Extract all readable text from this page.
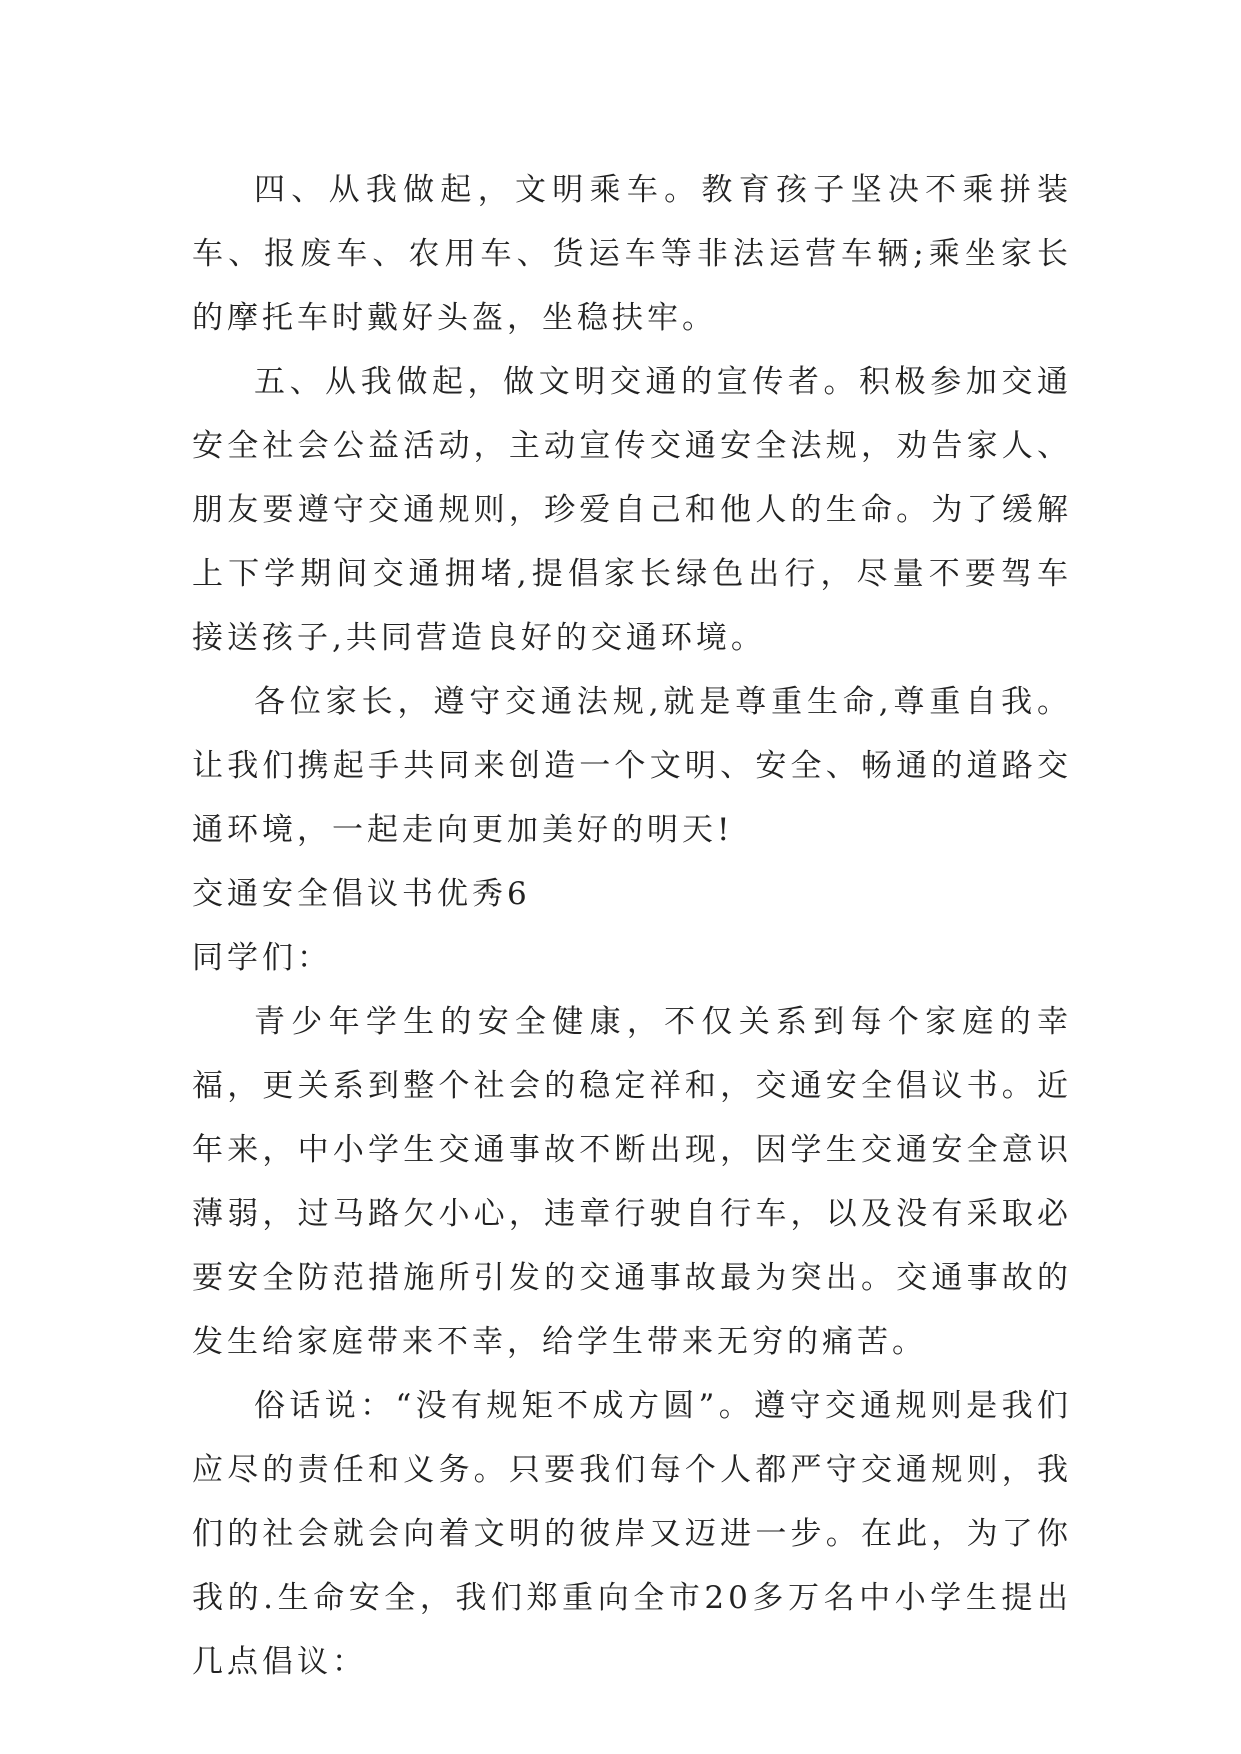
四、从我做起，文明乘车。教育孩子坚决不乘拼装车、报废车、农用车、货运车等非法运营车辆;乘坐家长的摩托车时戴好头盔，坐稳扶牢。

五、从我做起，做文明交通的宣传者。积极参加交通安全社会公益活动，主动宣传交通安全法规，劝告家人、朋友要遵守交通规则，珍爱自己和他人的生命。为了缓解上下学期间交通拥堵,提倡家长绿色出行，尽量不要驾车接送孩子,共同营造良好的交通环境。

各位家长，遵守交通法规,就是尊重生命,尊重自我。让我们携起手共同来创造一个文明、安全、畅通的道路交通环境，一起走向更加美好的明天!

交通安全倡议书优秀6

同学们：

青少年学生的安全健康，不仅关系到每个家庭的幸福，更关系到整个社会的稳定祥和，交通安全倡议书。近年来，中小学生交通事故不断出现，因学生交通安全意识薄弱，过马路欠小心，违章行驶自行车，以及没有采取必要安全防范措施所引发的交通事故最为突出。交通事故的发生给家庭带来不幸，给学生带来无穷的痛苦。

俗话说：“没有规矩不成方圆”。遵守交通规则是我们应尽的责任和义务。只要我们每个人都严守交通规则，我们的社会就会向着文明的彼岸又迈进一步。在此，为了你我的.生命安全，我们郑重向全市20多万名中小学生提出几点倡议：
